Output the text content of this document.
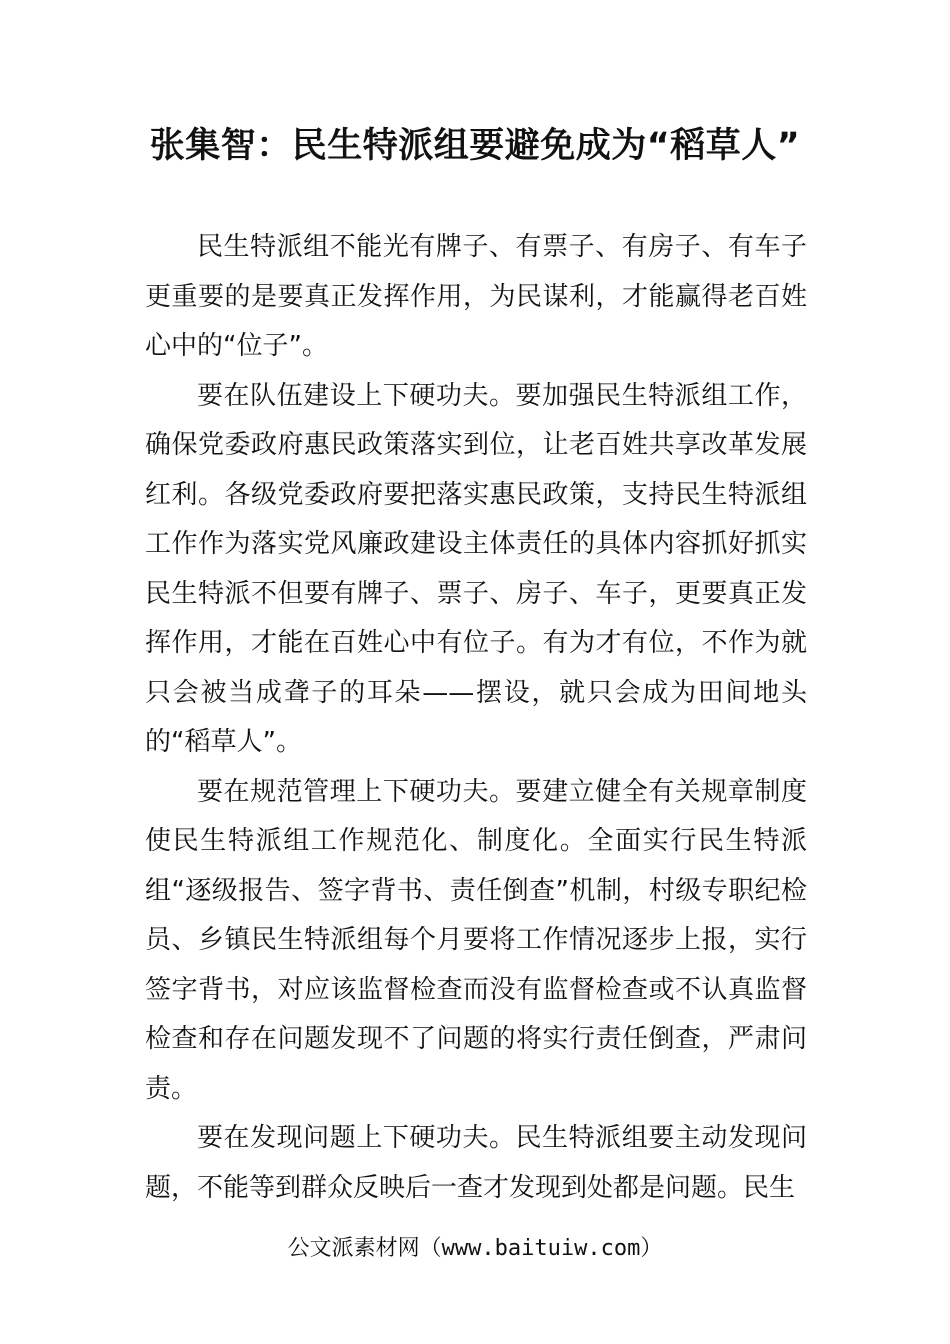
张集智：民生特派组要避免成为“稻草人”

民生特派组不能光有牌子、有票子、有房子、有车子更重要的是要真正发挥作用，为民谋利，才能赢得老百姓心中的“位子”。

要在队伍建设上下硬功夫。要加强民生特派组工作，确保党委政府惠民政策落实到位，让老百姓共享改革发展红利。各级党委政府要把落实惠民政策，支持民生特派组工作作为落实党风廉政建设主体责任的具体内容抓好抓实民生特派不但要有牌子、票子、房子、车子，更要真正发挥作用，才能在百姓心中有位子。有为才有位，不作为就只会被当成聋子的耳朵——摆设，就只会成为田间地头的“稻草人”。

要在规范管理上下硬功夫。要建立健全有关规章制度使民生特派组工作规范化、制度化。全面实行民生特派组“逐级报告、签字背书、责任倒查”机制，村级专职纪检员、乡镇民生特派组每个月要将工作情况逐步上报，实行签字背书，对应该监督检查而没有监督检查或不认真监督检查和存在问题发现不了问题的将实行责任倒查，严肃问责。

要在发现问题上下硬功夫。民生特派组要主动发现问题，不能等到群众反映后一查才发现到处都是问题。民生

公文派素材网（www.baituiw.com）
